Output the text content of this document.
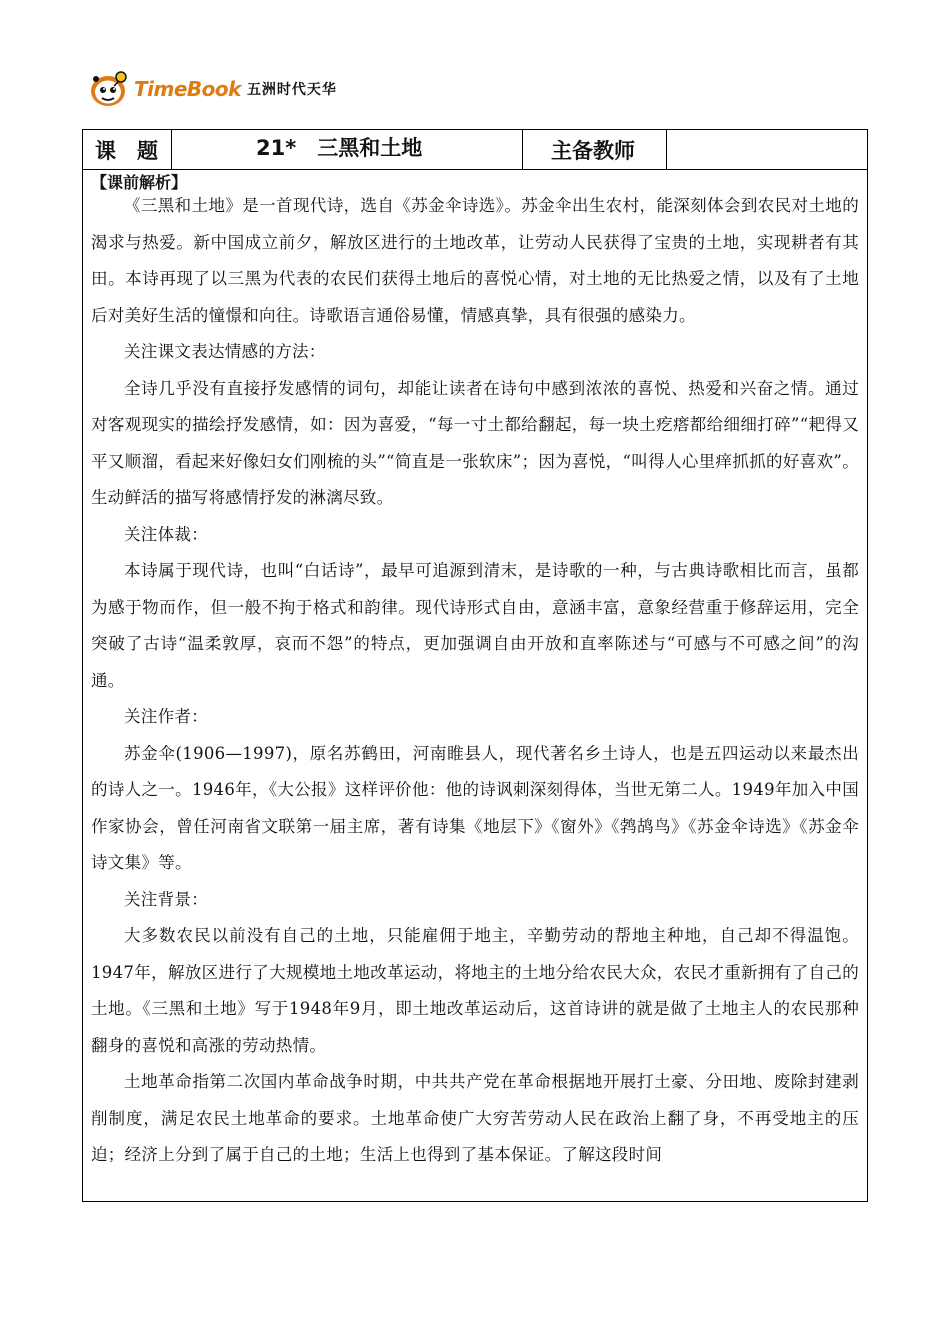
TimeBook 五洲时代天华
课　题	21*　三黑和土地	主备教师
【课前解析】

《三黑和土地》是一首现代诗，选自《苏金伞诗选》。苏金伞出生农村，能深刻体会到农民对土地的渴求与热爱。新中国成立前夕，解放区进行的土地改革，让劳动人民获得了宝贵的土地，实现耕者有其田。本诗再现了以三黑为代表的农民们获得土地后的喜悦心情，对土地的无比热爱之情，以及有了土地后对美好生活的憧憬和向往。诗歌语言通俗易懂，情感真挚，具有很强的感染力。

关注课文表达情感的方法：

全诗几乎没有直接抒发感情的词句，却能让读者在诗句中感到浓浓的喜悦、热爱和兴奋之情。通过对客观现实的描绘抒发感情，如：因为喜爱，“每一寸土都给翻起，每一块土疙瘩都给细细打碎”“耙得又平又顺溜，看起来好像妇女们刚梳的头”“简直是一张软床”；因为喜悦，“叫得人心里痒抓抓的好喜欢”。生动鲜活的描写将感情抒发的淋漓尽致。

关注体裁：

本诗属于现代诗，也叫“白话诗”，最早可追源到清末，是诗歌的一种，与古典诗歌相比而言，虽都为感于物而作，但一般不拘于格式和韵律。现代诗形式自由，意涵丰富，意象经营重于修辞运用，完全突破了古诗“温柔敦厚，哀而不怨”的特点，更加强调自由开放和直率陈述与“可感与不可感之间”的沟通。

关注作者：

苏金伞(1906—1997)，原名苏鹤田，河南睢县人，现代著名乡土诗人，也是五四运动以来最杰出的诗人之一。1946年，《大公报》这样评价他：他的诗讽刺深刻得体，当世无第二人。1949年加入中国作家协会，曾任河南省文联第一届主席，著有诗集《地层下》《窗外》《鹁鸪鸟》《苏金伞诗选》《苏金伞诗文集》等。

关注背景：

大多数农民以前没有自己的土地，只能雇佣于地主，辛勤劳动的帮地主种地，自己却不得温饱。1947年，解放区进行了大规模地土地改革运动，将地主的土地分给农民大众，农民才重新拥有了自己的土地。《三黑和土地》写于1948年9月，即土地改革运动后，这首诗讲的就是做了土地主人的农民那种翻身的喜悦和高涨的劳动热情。

土地革命指第二次国内革命战争时期，中共共产党在革命根据地开展打土豪、分田地、废除封建剥削制度，满足农民土地革命的要求。土地革命使广大穷苦劳动人民在政治上翻了身，不再受地主的压迫；经济上分到了属于自己的土地；生活上也得到了基本保证。了解这段时间
